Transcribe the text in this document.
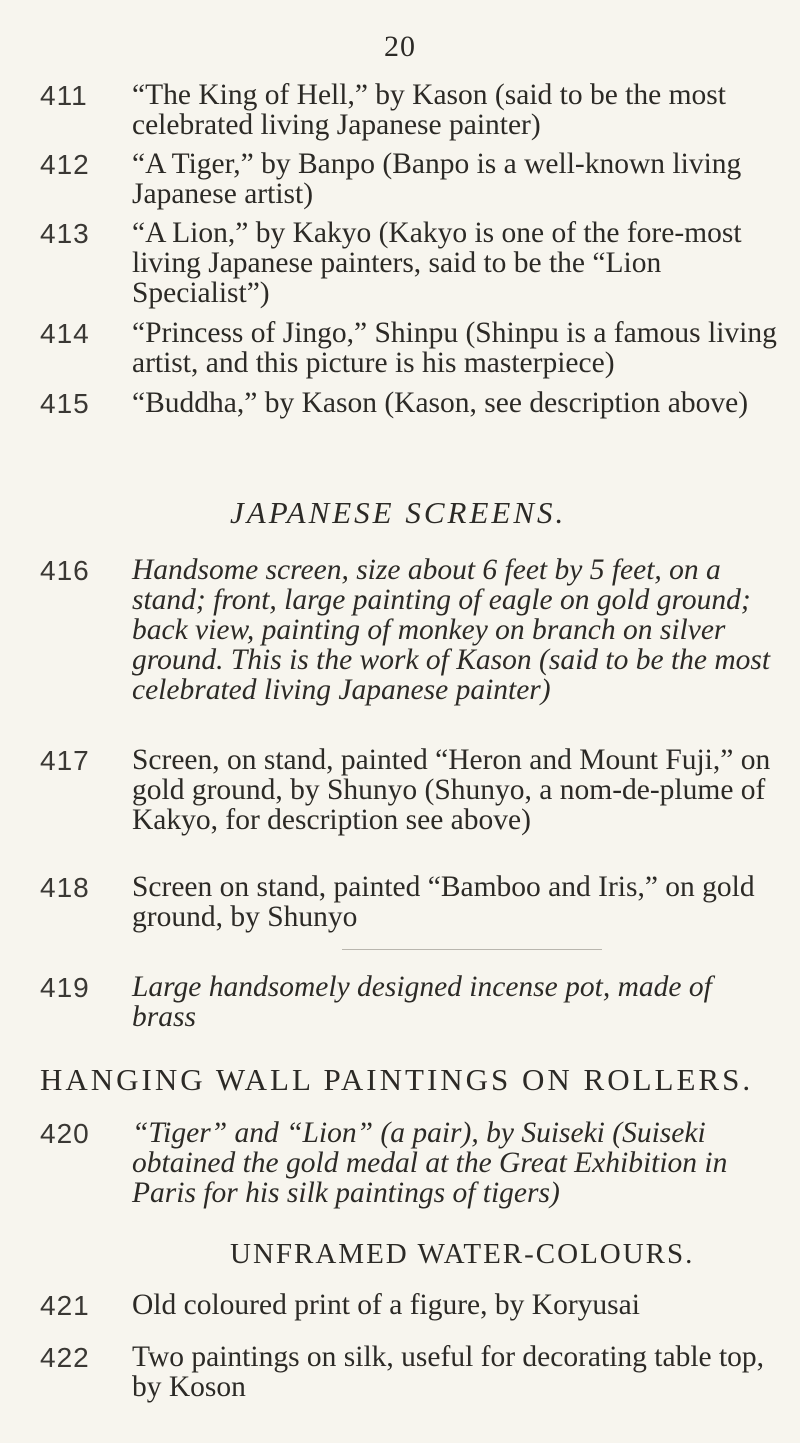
20
411 “The King of Hell,” by Kason (said to be the most celebrated living Japanese painter)
412 “A Tiger,” by Banpo (Banpo is a well-known living Japanese artist)
413 “A Lion,” by Kakyo (Kakyo is one of the fore-most living Japanese painters, said to be the “Lion Specialist”)
414 “Princess of Jingo,” Shinpu (Shinpu is a famous living artist, and this picture is his masterpiece)
415 “Buddha,” by Kason (Kason, see description above)
JAPANESE SCREENS.
416 Handsome screen, size about 6 feet by 5 feet, on a stand; front, large painting of eagle on gold ground; back view, painting of monkey on branch on silver ground. This is the work of Kason (said to be the most celebrated living Japanese painter)
417 Screen, on stand, painted “Heron and Mount Fuji,” on gold ground, by Shunyo (Shunyo, a nom-de-plume of Kakyo, for description see above)
418 Screen on stand, painted “Bamboo and Iris,” on gold ground, by Shunyo
419 Large handsomely designed incense pot, made of brass
HANGING WALL PAINTINGS ON ROLLERS.
420 “Tiger” and “Lion” (a pair), by Suiseki (Suiseki obtained the gold medal at the Great Exhibition in Paris for his silk paintings of tigers)
UNFRAMED WATER-COLOURS.
421 Old coloured print of a figure, by Koryusai
422 Two paintings on silk, useful for decorating table top, by Koson
